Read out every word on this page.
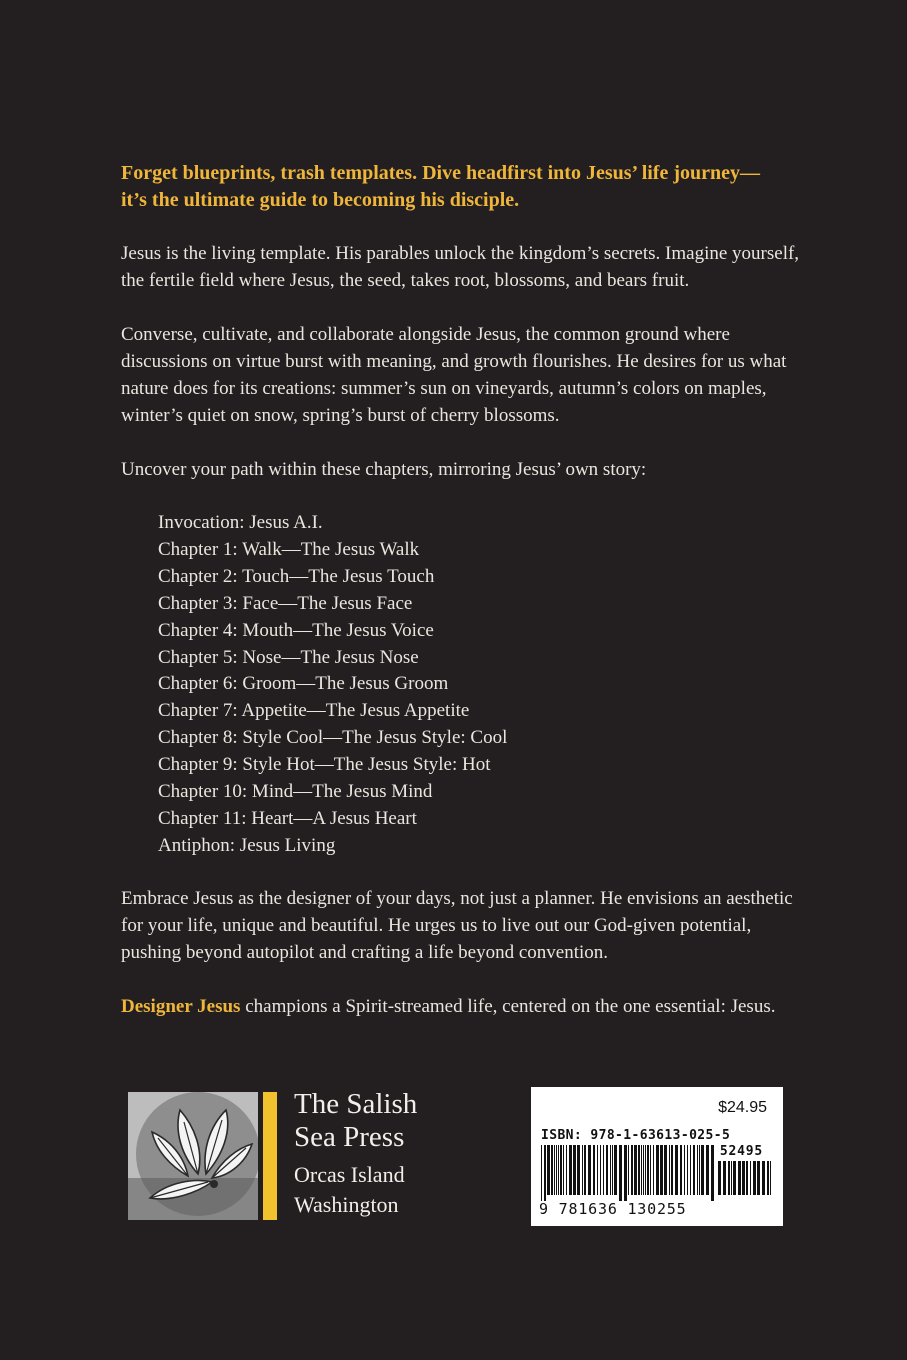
Forget blueprints, trash templates. Dive headfirst into Jesus’ life journey—
it’s the ultimate guide to becoming his disciple.

Jesus is the living template. His parables unlock the kingdom’s secrets. Imagine yourself, the fertile field where Jesus, the seed, takes root, blossoms, and bears fruit.

Converse, cultivate, and collaborate alongside Jesus, the common ground where discussions on virtue burst with meaning, and growth flourishes. He desires for us what nature does for its creations: summer’s sun on vineyards, autumn’s colors on maples, winter’s quiet on snow, spring’s burst of cherry blossoms.

Uncover your path within these chapters, mirroring Jesus’ own story:

Invocation: Jesus A.I.
Chapter 1: Walk—The Jesus Walk
Chapter 2: Touch—The Jesus Touch
Chapter 3: Face—The Jesus Face
Chapter 4: Mouth—The Jesus Voice
Chapter 5: Nose—The Jesus Nose
Chapter 6: Groom—The Jesus Groom
Chapter 7: Appetite—The Jesus Appetite
Chapter 8: Style Cool—The Jesus Style: Cool
Chapter 9: Style Hot—The Jesus Style: Hot
Chapter 10: Mind—The Jesus Mind
Chapter 11: Heart—A Jesus Heart
Antiphon: Jesus Living

Embrace Jesus as the designer of your days, not just a planner. He envisions an aesthetic for your life, unique and beautiful. He urges us to live out our God-given potential, pushing beyond autopilot and crafting a life beyond convention.

Designer Jesus champions a Spirit-streamed life, centered on the one essential: Jesus.

The Salish
Sea Press
Orcas Island
Washington
$24.95
ISBN: 978-1-63613-025-5
52495
9 781636 130255
